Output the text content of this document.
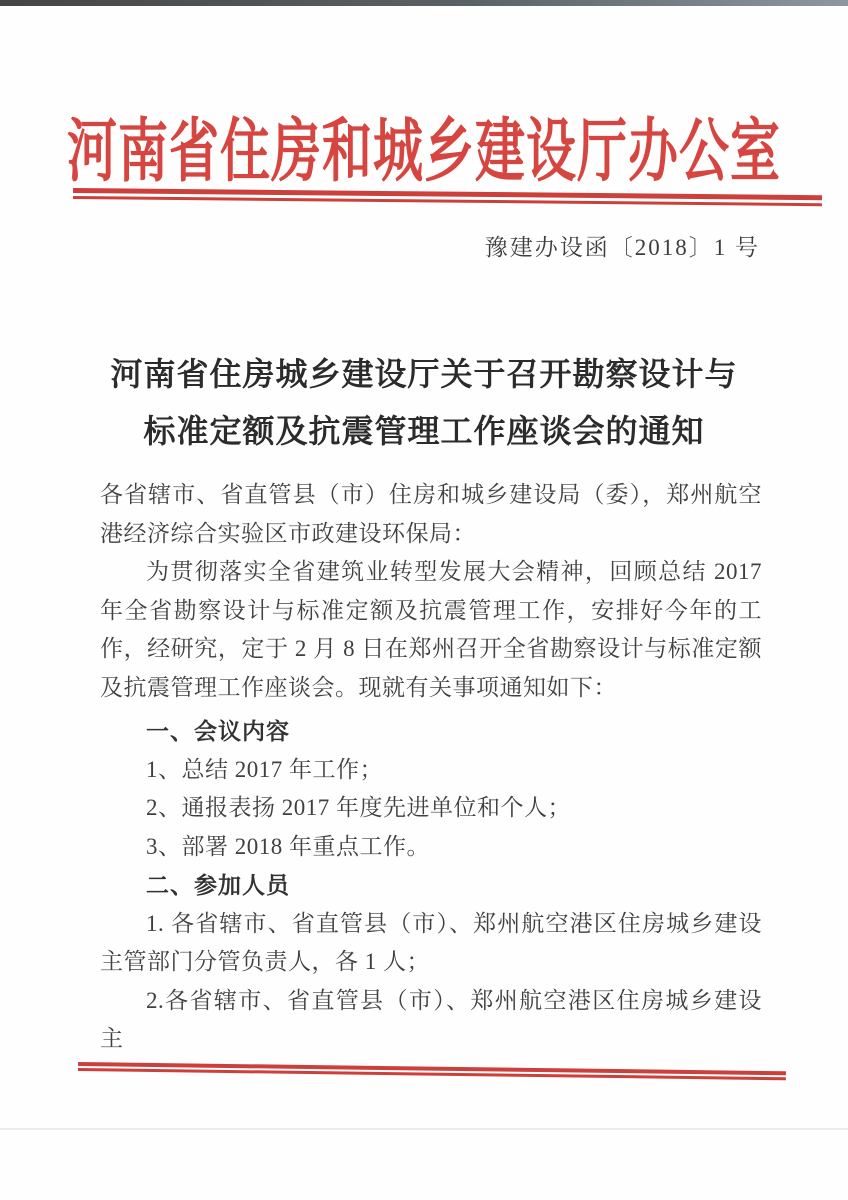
河南省住房和城乡建设厅办公室
豫建办设函〔2018〕1 号
河南省住房城乡建设厅关于召开勘察设计与
标准定额及抗震管理工作座谈会的通知

各省辖市、省直管县（市）住房和城乡建设局（委），郑州航空港经济综合实验区市政建设环保局：

为贯彻落实全省建筑业转型发展大会精神，回顾总结 2017 年全省勘察设计与标准定额及抗震管理工作，安排好今年的工作，经研究，定于 2 月 8 日在郑州召开全省勘察设计与标准定额及抗震管理工作座谈会。现就有关事项通知如下：

一、会议内容

1、总结 2017 年工作；

2、通报表扬 2017 年度先进单位和个人；

3、部署 2018 年重点工作。

二、参加人员

1. 各省辖市、省直管县（市）、郑州航空港区住房城乡建设主管部门分管负责人，各 1 人；

2.各省辖市、省直管县（市）、郑州航空港区住房城乡建设主
